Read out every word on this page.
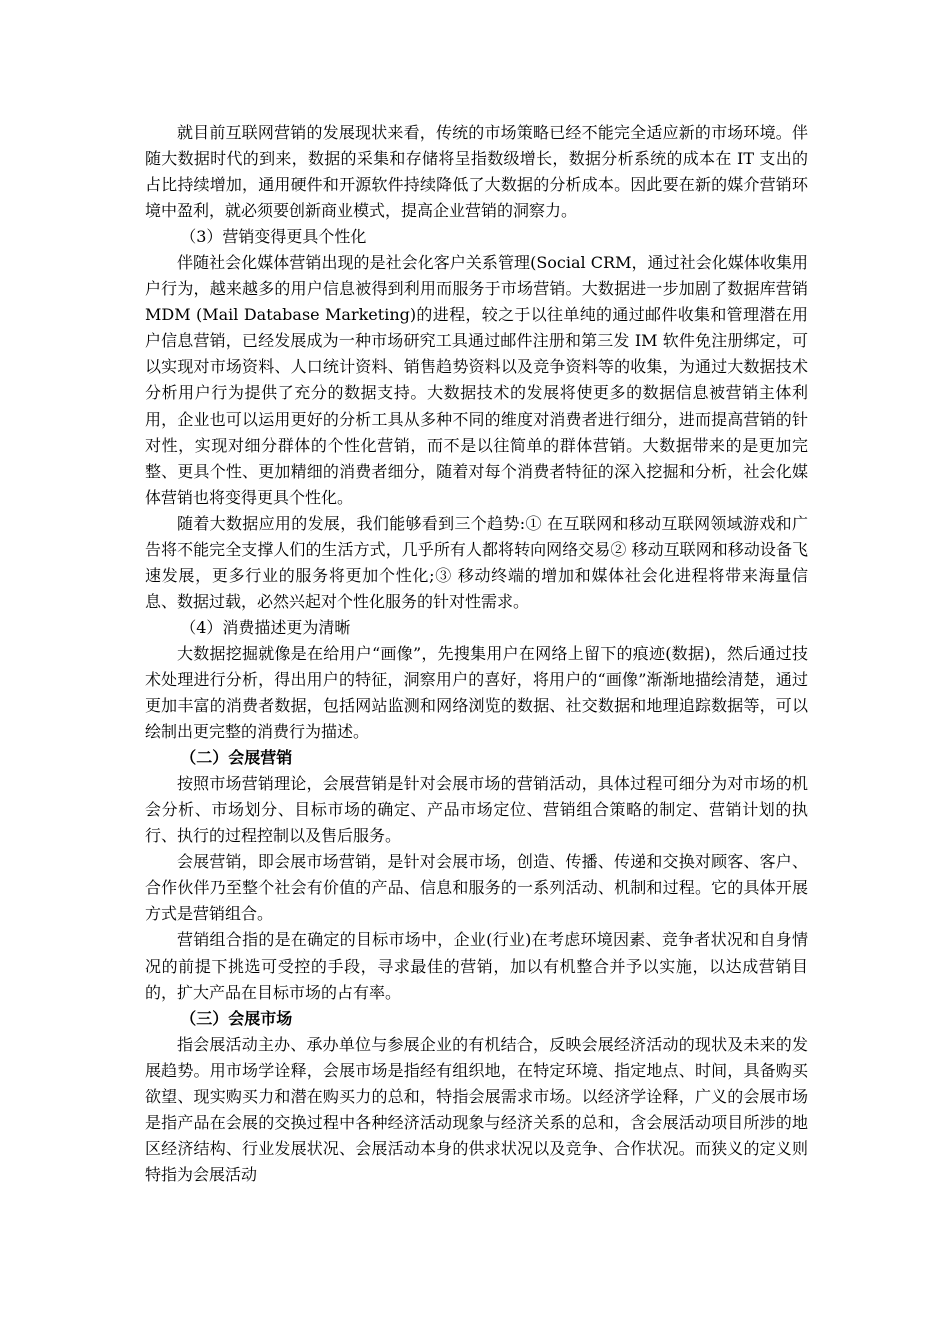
就目前互联网营销的发展现状来看，传统的市场策略已经不能完全适应新的市场环境。伴随大数据时代的到来，数据的采集和存储将呈指数级增长，数据分析系统的成本在 IT 支出的占比持续增加，通用硬件和开源软件持续降低了大数据的分析成本。因此要在新的媒介营销环境中盈利，就必须要创新商业模式，提高企业营销的洞察力。

（3）营销变得更具个性化

伴随社会化媒体营销出现的是社会化客户关系管理(Social CRM，通过社会化媒体收集用户行为，越来越多的用户信息被得到利用而服务于市场营销。大数据进一步加剧了数据库营销 MDM (Mail Database Marketing)的进程，较之于以往单纯的通过邮件收集和管理潜在用户信息营销，已经发展成为一种市场研究工具通过邮件注册和第三发 IM 软件免注册绑定，可以实现对市场资料、人口统计资料、销售趋势资料以及竞争资料等的收集，为通过大数据技术分析用户行为提供了充分的数据支持。大数据技术的发展将使更多的数据信息被营销主体利用，企业也可以运用更好的分析工具从多种不同的维度对消费者进行细分，进而提高营销的针对性，实现对细分群体的个性化营销，而不是以往简单的群体营销。大数据带来的是更加完整、更具个性、更加精细的消费者细分，随着对每个消费者特征的深入挖掘和分析，社会化媒体营销也将变得更具个性化。

随着大数据应用的发展，我们能够看到三个趋势:① 在互联网和移动互联网领域游戏和广告将不能完全支撑人们的生活方式，几乎所有人都将转向网络交易② 移动互联网和移动设备飞速发展，更多行业的服务将更加个性化;③ 移动终端的增加和媒体社会化进程将带来海量信息、数据过载，必然兴起对个性化服务的针对性需求。

（4）消费描述更为清晰

大数据挖掘就像是在给用户“画像”，先搜集用户在网络上留下的痕迹(数据)，然后通过技术处理进行分析，得出用户的特征，洞察用户的喜好，将用户的“画像”渐渐地描绘清楚，通过更加丰富的消费者数据，包括网站监测和网络浏览的数据、社交数据和地理追踪数据等，可以绘制出更完整的消费行为描述。

（二）会展营销

按照市场营销理论，会展营销是针对会展市场的营销活动，具体过程可细分为对市场的机会分析、市场划分、目标市场的确定、产品市场定位、营销组合策略的制定、营销计划的执行、执行的过程控制以及售后服务。

会展营销，即会展市场营销，是针对会展市场，创造、传播、传递和交换对顾客、客户、合作伙伴乃至整个社会有价值的产品、信息和服务的一系列活动、机制和过程。它的具体开展方式是营销组合。

营销组合指的是在确定的目标市场中，企业(行业)在考虑环境因素、竞争者状况和自身情况的前提下挑选可受控的手段，寻求最佳的营销，加以有机整合并予以实施，以达成营销目的，扩大产品在目标市场的占有率。

（三）会展市场

指会展活动主办、承办单位与参展企业的有机结合，反映会展经济活动的现状及未来的发展趋势。用市场学诠释，会展市场是指经有组织地，在特定环境、指定地点、时间，具备购买欲望、现实购买力和潜在购买力的总和，特指会展需求市场。以经济学诠释，广义的会展市场是指产品在会展的交换过程中各种经济活动现象与经济关系的总和，含会展活动项目所涉的地区经济结构、行业发展状况、会展活动本身的供求状况以及竞争、合作状况。而狭义的定义则特指为会展活动
